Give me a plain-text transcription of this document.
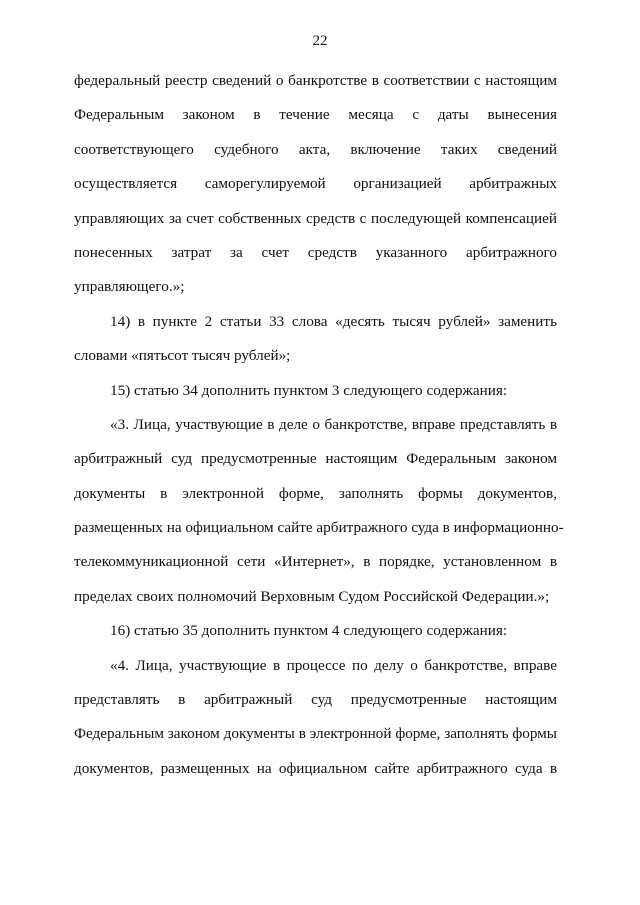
22
федеральный реестр сведений о банкротстве в соответствии с настоящим
Федеральным законом в течение месяца с даты вынесения
соответствующего судебного акта, включение таких сведений
осуществляется саморегулируемой организацией арбитражных
управляющих за счет собственных средств с последующей компенсацией
понесенных затрат за счет средств указанного арбитражного
управляющего.»;
14) в пункте 2 статьи 33 слова «десять тысяч рублей» заменить
словами «пятьсот тысяч рублей»;
15) статью 34 дополнить пунктом 3 следующего содержания:
«3. Лица, участвующие в деле о банкротстве, вправе представлять в
арбитражный суд предусмотренные настоящим Федеральным законом
документы в электронной форме, заполнять формы документов,
размещенных на официальном сайте арбитражного суда в информационно-
телекоммуникационной сети «Интернет», в порядке, установленном в
пределах своих полномочий Верховным Судом Российской Федерации.»;
16) статью 35 дополнить пунктом 4 следующего содержания:
«4. Лица, участвующие в процессе по делу о банкротстве, вправе
представлять в арбитражный суд предусмотренные настоящим
Федеральным законом документы в электронной форме, заполнять формы
документов, размещенных на официальном сайте арбитражного суда в
